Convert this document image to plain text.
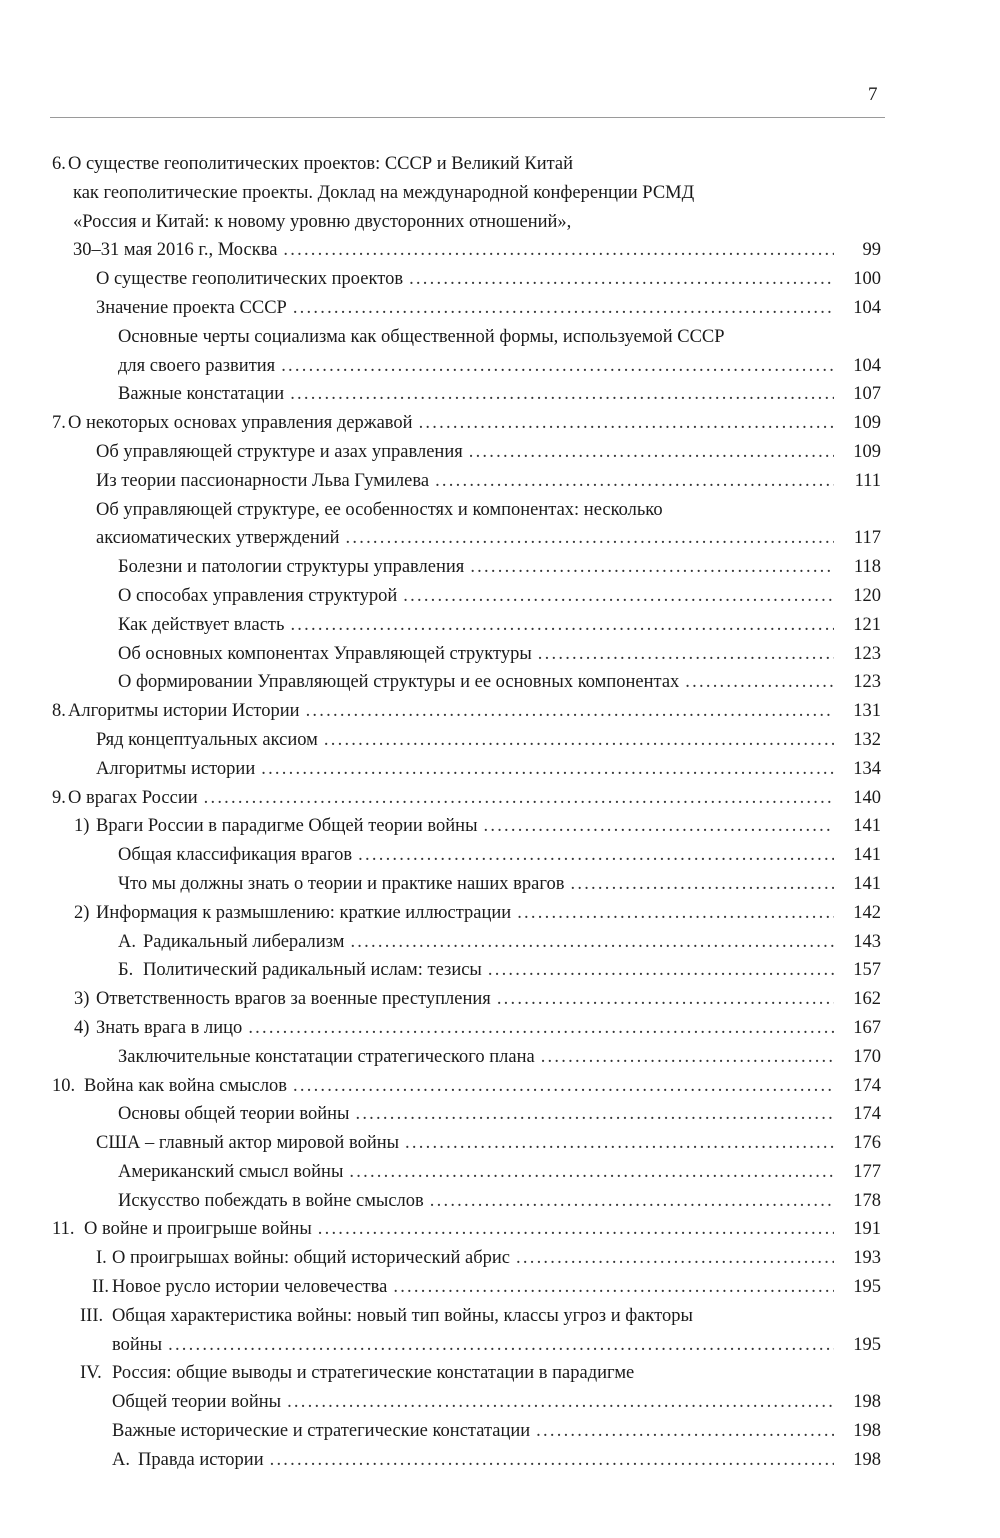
7
6. О существе геополитических проектов: СССР и Великий Китай
как геополитические проекты. Доклад на международной конференции РСМД
«Россия и Китай: к новому уровню двусторонних отношений»,
30–31 мая 2016 г., Москва . . .	99
О существе геополитических проектов . . .	100
Значение проекта СССР . . .	104
Основные черты социализма как общественной формы, используемой СССР
для своего развития . . .	104
Важные констатации . . .	107
7. О некоторых основах управления державой . . .	109
Об управляющей структуре и азах управления . . .	109
Из теории пассионарности Льва Гумилева . . .	111
Об управляющей структуре, ее особенностях и компонентах: несколько
аксиоматических утверждений . . .	117
Болезни и патологии структуры управления . . .	118
О способах управления структурой . . .	120
Как действует власть . . .	121
Об основных компонентах Управляющей структуры . . .	123
О формировании Управляющей структуры и ее основных компонентах . . .	123
8. Алгоритмы истории Истории . . .	131
Ряд концептуальных аксиом . . .	132
Алгоритмы истории . . .	134
9. О врагах России . . .	140
1) Враги России в парадигме Общей теории войны . . .	141
Общая классификация врагов . . .	141
Что мы должны знать о теории и практике наших врагов . . .	141
2) Информация к размышлению: краткие иллюстрации . . .	142
А. Радикальный либерализм . . .	143
Б. Политический радикальный ислам: тезисы . . .	157
3) Ответственность врагов за военные преступления . . .	162
4) Знать врага в лицо . . .	167
Заключительные констатации стратегического плана . . .	170
10. Война как война смыслов . . .	174
Основы общей теории войны . . .	174
США – главный актор мировой войны . . .	176
Американский смысл войны . . .	177
Искусство побеждать в войне смыслов . . .	178
11. О войне и проигрыше войны . . .	191
I. О проигрышах войны: общий исторический абрис . . .	193
II. Новое русло истории человечества . . .	195
III. Общая характеристика войны: новый тип войны, классы угроз и факторы
войны . . .	195
IV. Россия: общие выводы и стратегические констатации в парадигме
Общей теории войны . . .	198
Важные исторические и стратегические констатации . . .	198
А. Правда истории . . .	198
